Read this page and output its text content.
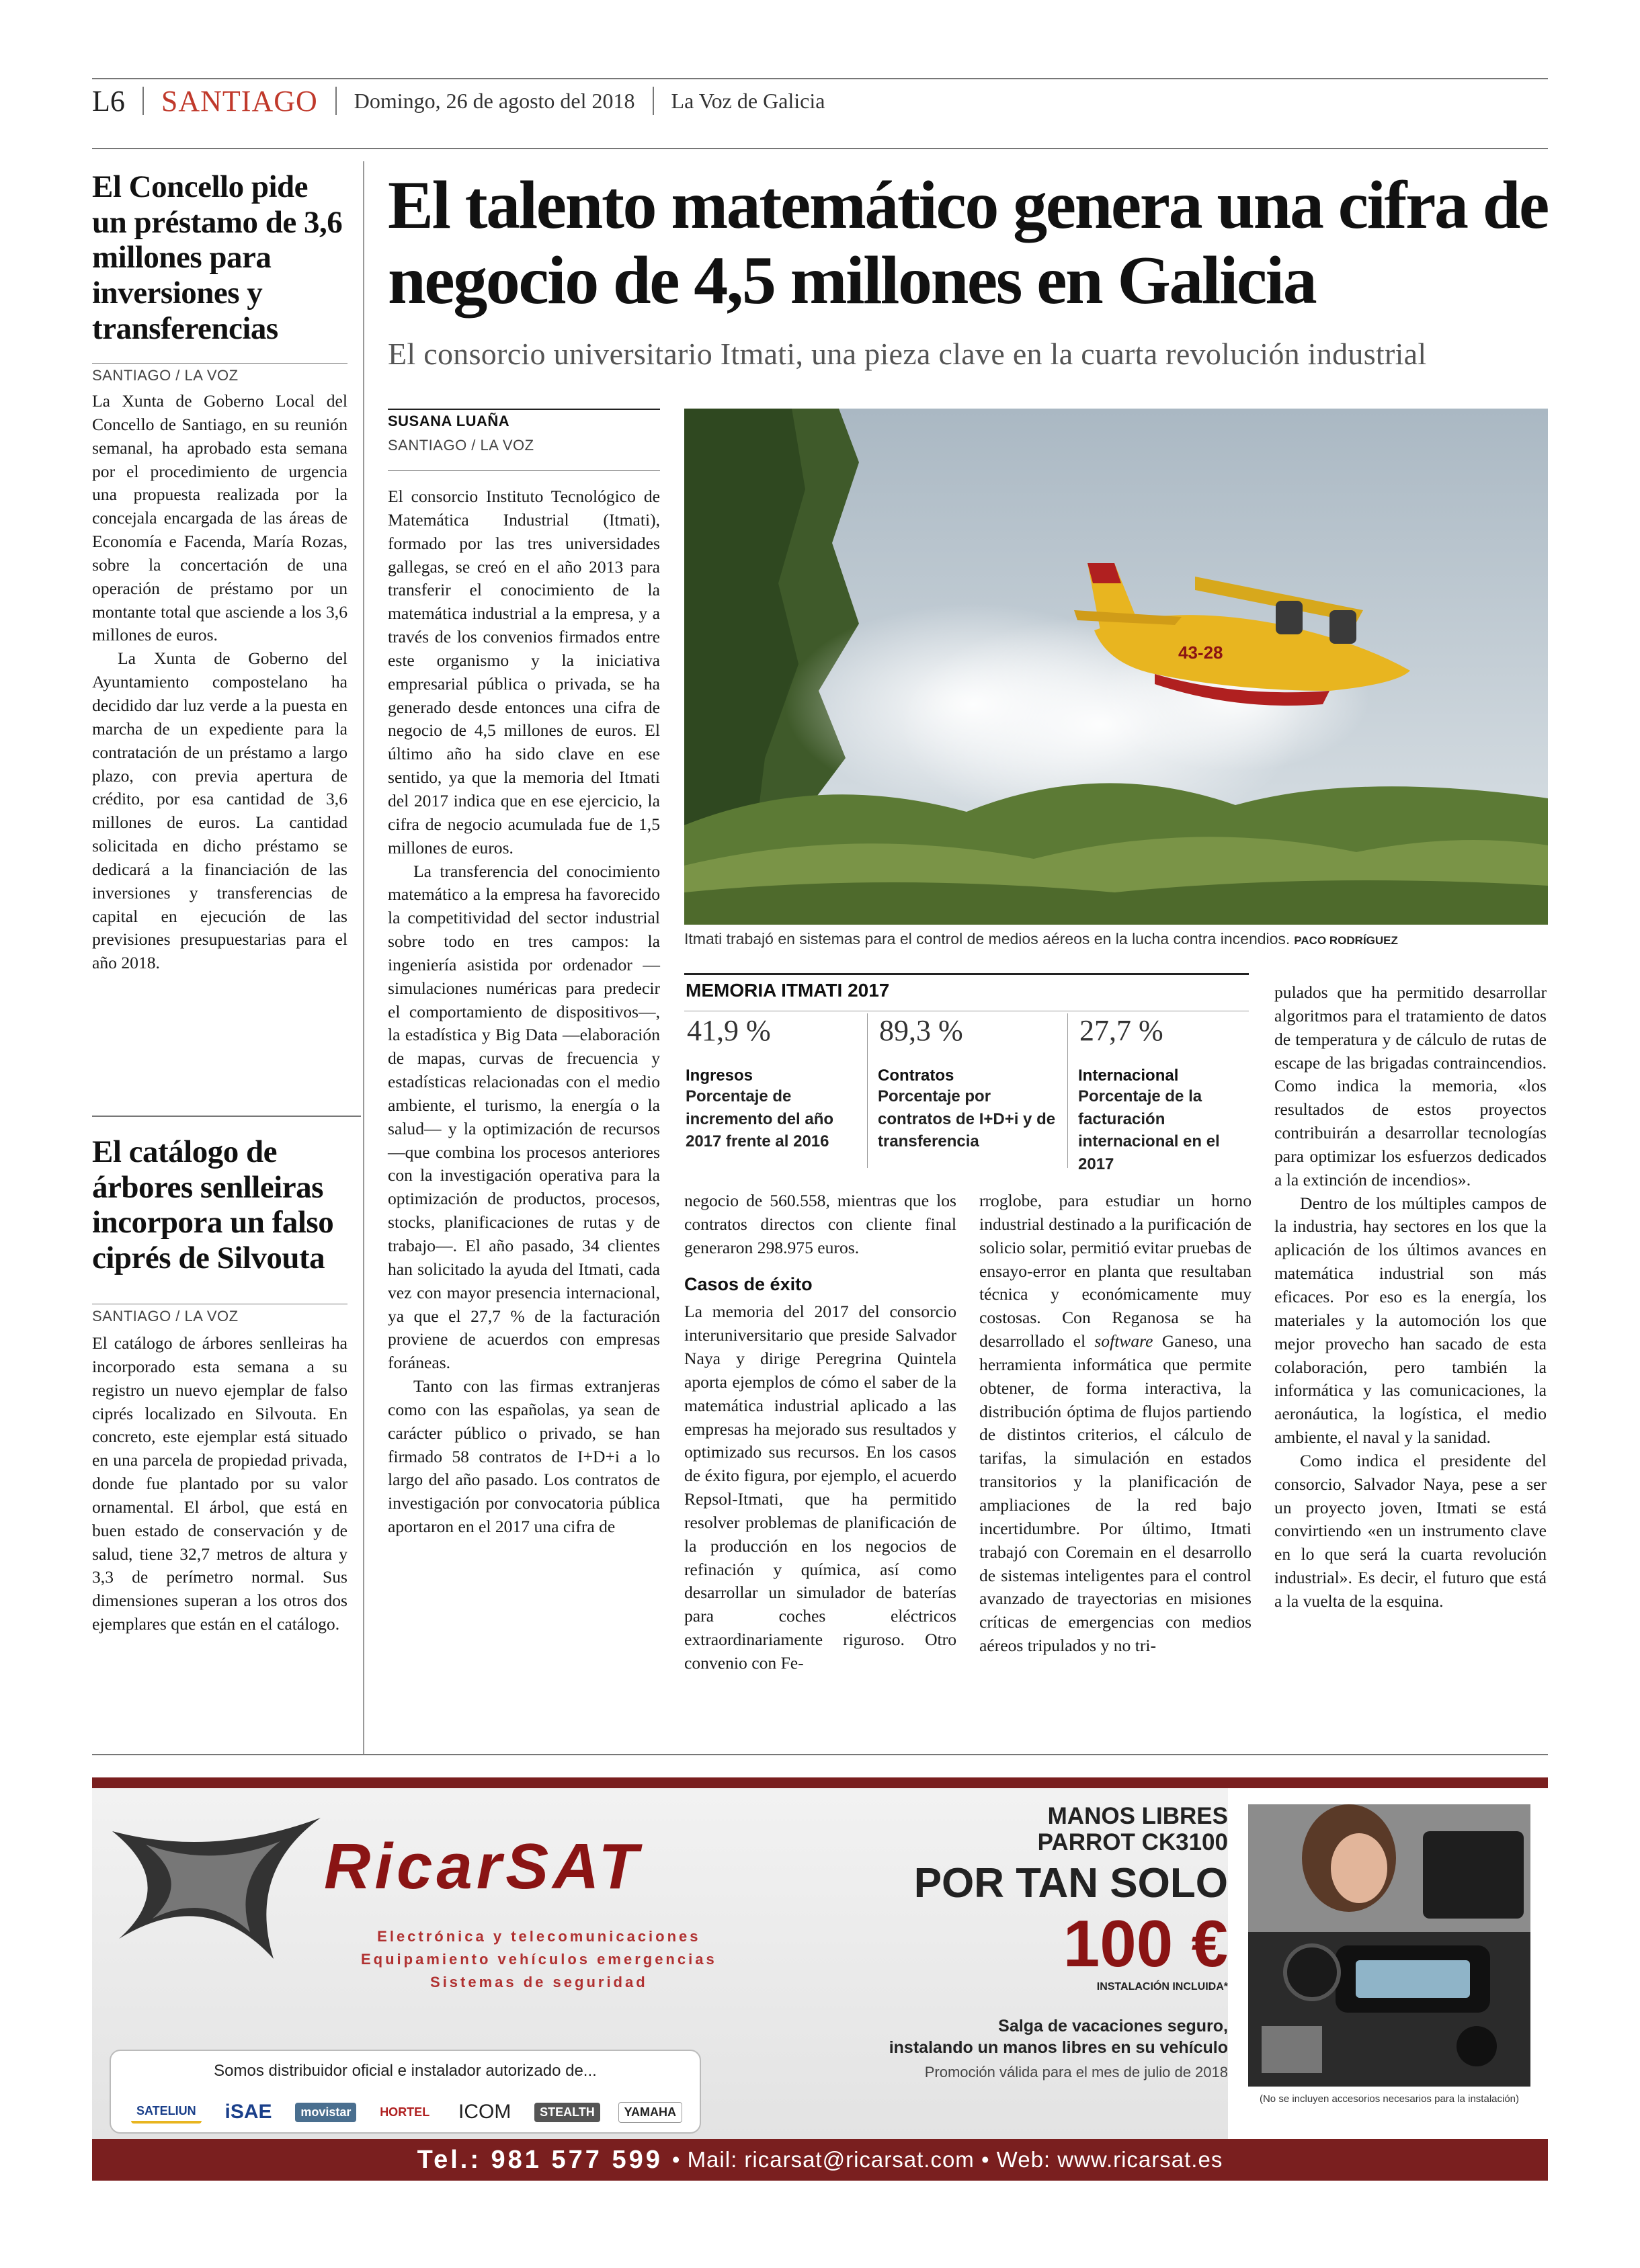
L6 SANTIAGO Domingo, 26 de agosto del 2018 La Voz de Galicia
El Concello pide un préstamo de 3,6 millones para inversiones y transferencias
SANTIAGO / LA VOZ

La Xunta de Goberno Local del Concello de Santiago, en su reunión semanal, ha aprobado esta semana por el procedimiento de urgencia una propuesta realizada por la concejala encargada de las áreas de Economía e Facenda, María Rozas, sobre la concertación de una operación de préstamo por un montante total que asciende a los 3,6 millones de euros.

La Xunta de Goberno del Ayuntamiento compostelano ha decidido dar luz verde a la puesta en marcha de un expediente para la contratación de un préstamo a largo plazo, con previa apertura de crédito, por esa cantidad de 3,6 millones de euros. La cantidad solicitada en dicho préstamo se dedicará a la financiación de las inversiones y transferencias de capital en ejecución de las previsiones presupuestarias para el año 2018.

El catálogo de árbores senlleiras incorpora un falso ciprés de Silvouta
SANTIAGO / LA VOZ

El catálogo de árbores senlleiras ha incorporado esta semana a su registro un nuevo ejemplar de falso ciprés localizado en Silvouta. En concreto, este ejemplar está situado en una parcela de propiedad privada, donde fue plantado por su valor ornamental. El árbol, que está en buen estado de conservación y de salud, tiene 32,7 metros de altura y 3,3 de perímetro normal. Sus dimensiones superan a los otros dos ejemplares que están en el catálogo.

El talento matemático genera una cifra de negocio de 4,5 millones en Galicia
El consorcio universitario Itmati, una pieza clave en la cuarta revolución industrial
SUSANA LUAÑA
SANTIAGO / LA VOZ

El consorcio Instituto Tecnológico de Matemática Industrial (Itmati), formado por las tres universidades gallegas, se creó en el año 2013 para transferir el conocimiento de la matemática industrial a la empresa, y a través de los convenios firmados entre este organismo y la iniciativa empresarial pública o privada, se ha generado desde entonces una cifra de negocio de 4,5 millones de euros. El último año ha sido clave en ese sentido, ya que la memoria del Itmati del 2017 indica que en ese ejercicio, la cifra de negocio acumulada fue de 1,5 millones de euros.

La transferencia del conocimiento matemático a la empresa ha favorecido la competitividad del sector industrial sobre todo en tres campos: la ingeniería asistida por ordenador —simulaciones numéricas para predecir el comportamiento de dispositivos—, la estadística y Big Data —elaboración de mapas, curvas de frecuencia y estadísticas relacionadas con el medio ambiente, el turismo, la energía o la salud— y la optimización de recursos —que combina los procesos anteriores con la investigación operativa para la optimización de productos, procesos, stocks, planificaciones de rutas y de trabajo—. El año pasado, 34 clientes han solicitado la ayuda del Itmati, cada vez con mayor presencia internacional, ya que el 27,7 % de la facturación proviene de acuerdos con empresas foráneas.

Tanto con las firmas extranjeras como con las españolas, ya sean de carácter público o privado, se han firmado 58 contratos de I+D+i a lo largo del año pasado. Los contratos de investigación por convocatoria pública aportaron en el 2017 una cifra de

43-28
Itmati trabajó en sistemas para el control de medios aéreos en la lucha contra incendios. PACO RODRÍGUEZ
MEMORIA ITMATI 2017
41,9 %
Ingresos
Porcentaje de incremento del año 2017 frente al 2016
89,3 %
Contratos
Porcentaje por contratos de I+D+i y de transferencia
27,7 %
Internacional
Porcentaje de la facturación internacional en el 2017

negocio de 560.558, mientras que los contratos directos con cliente final generaron 298.975 euros.

Casos de éxito

La memoria del 2017 del consorcio interuniversitario que preside Salvador Naya y dirige Peregrina Quintela aporta ejemplos de cómo el saber de la matemática industrial aplicado a las empresas ha mejorado sus resultados y optimizado sus recursos. En los casos de éxito figura, por ejemplo, el acuerdo Repsol-Itmati, que ha permitido resolver problemas de planificación de la producción en los negocios de refinación y química, así como desarrollar un simulador de baterías para coches eléctricos extraordinariamente riguroso. Otro convenio con Fe-

rroglobe, para estudiar un horno industrial destinado a la purificación de solicio solar, permitió evitar pruebas de ensayo-error en planta que resultaban técnica y económicamente muy costosas. Con Reganosa se ha desarrollado el software Ganeso, una herramienta informática que permite obtener, de forma interactiva, la distribución óptima de flujos partiendo de distintos criterios, el cálculo de tarifas, la simulación en estados transitorios y la planificación de ampliaciones de la red bajo incertidumbre. Por último, Itmati trabajó con Coremain en el desarrollo de sistemas inteligentes para el control avanzado de trayectorias en misiones críticas de emergencias con medios aéreos tripulados y no tri-

pulados que ha permitido desarrollar algoritmos para el tratamiento de datos de temperatura y de cálculo de rutas de escape de las brigadas contraincendios. Como indica la memoria, «los resultados de estos proyectos contribuirán a desarrollar tecnologías para optimizar los esfuerzos dedicados a la extinción de incendios».

Dentro de los múltiples campos de la industria, hay sectores en los que la aplicación de los últimos avances en matemática industrial son más eficaces. Por eso es la energía, los materiales y la automoción los que mejor provecho han sacado de esta colaboración, pero también la informática y las comunicaciones, la aeronáutica, la logística, el medio ambiente, el naval y la sanidad.

Como indica el presidente del consorcio, Salvador Naya, pese a ser un proyecto joven, Itmati se está convirtiendo «en un instrumento clave en lo que será la cuarta revolución industrial». Es decir, el futuro que está a la vuelta de la esquina.

RicarSAT
Electrónica y telecomunicaciones
Equipamiento vehículos emergencias
Sistemas de seguridad
Somos distribuidor oficial e instalador autorizado de...
SATELIUN iSAE	movistar	HORTEL ICOM	STEALTH	YAMAHA
MANOS LIBRES
PARROT CK3100
POR TAN SOLO
100 €
INSTALACIÓN INCLUIDA*
Salga de vacaciones seguro,
instalando un manos libres en su vehículo
Promoción válida para el mes de julio de 2018
(No se incluyen accesorios necesarios para la instalación)
Tel.: 981 577 599 • Mail: ricarsat@ricarsat.com • Web: www.ricarsat.es
